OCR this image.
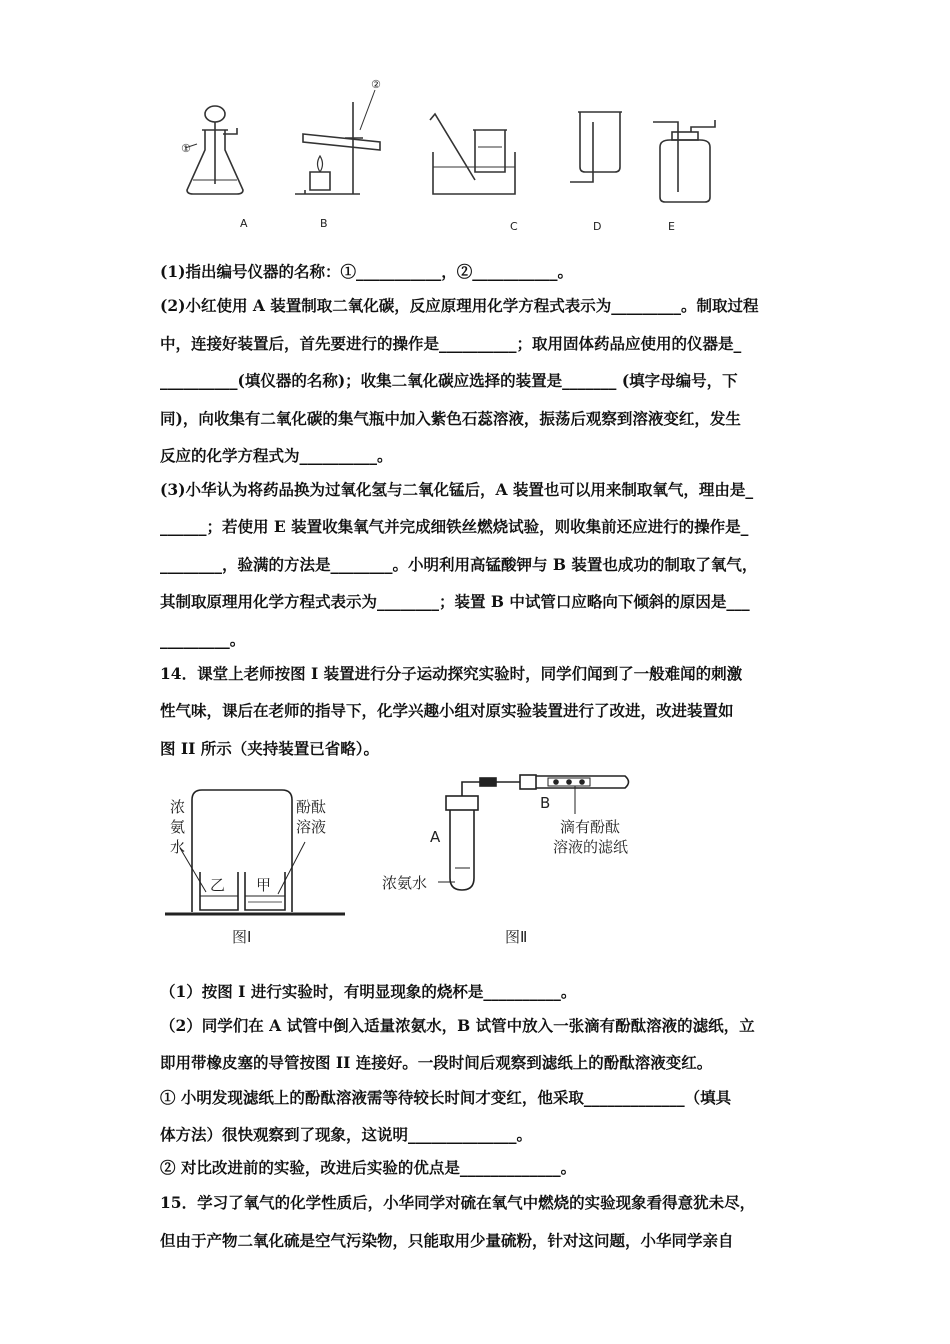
①
②
A	B	C	D	E
(1)指出编号仪器的名称：①___________，②___________。
(2)小红使用 A 装置制取二氧化碳，反应原理用化学方程式表示为_________。制取过程
中，连接好装置后，首先要进行的操作是__________；取用固体药品应使用的仪器是_
__________(填仪器的名称)；收集二氧化碳应选择的装置是_______ (填字母编号，下
同)，向收集有二氧化碳的集气瓶中加入紫色石蕊溶液，振荡后观察到溶液变红，发生
反应的化学方程式为__________。
(3)小华认为将药品换为过氧化氢与二氧化锰后，A 装置也可以用来制取氧气，理由是_
______；若使用 E 装置收集氧气并完成细铁丝燃烧试验，则收集前还应进行的操作是_
________，验满的方法是________。小明利用高锰酸钾与 B 装置也成功的制取了氧气，
其制取原理用化学方程式表示为________；装置 B 中试管口应略向下倾斜的原因是___
_________。
14．课堂上老师按图 I 装置进行分子运动探究实验时，同学们闻到了一般难闻的刺激
性气味，课后在老师的指导下，化学兴趣小组对原实验装置进行了改进，改进装置如
图 II 所示（夹持装置已省略）。
浓
氨
水
酚酞
溶液
乙 甲
图Ⅰ
A
B
滴有酚酞
溶液的滤纸
浓氨水
图Ⅱ
（1）按图 I 进行实验时，有明显现象的烧杯是__________。
（2）同学们在 A 试管中倒入适量浓氨水，B 试管中放入一张滴有酚酞溶液的滤纸，立
即用带橡皮塞的导管按图 II 连接好。一段时间后观察到滤纸上的酚酞溶液变红。
① 小明发现滤纸上的酚酞溶液需等待较长时间才变红，他采取_____________（填具
体方法）很快观察到了现象，这说明______________。
② 对比改进前的实验，改进后实验的优点是_____________。
15．学习了氧气的化学性质后，小华同学对硫在氧气中燃烧的实验现象看得意犹未尽，
但由于产物二氧化硫是空气污染物，只能取用少量硫粉，针对这问题，小华同学亲自
